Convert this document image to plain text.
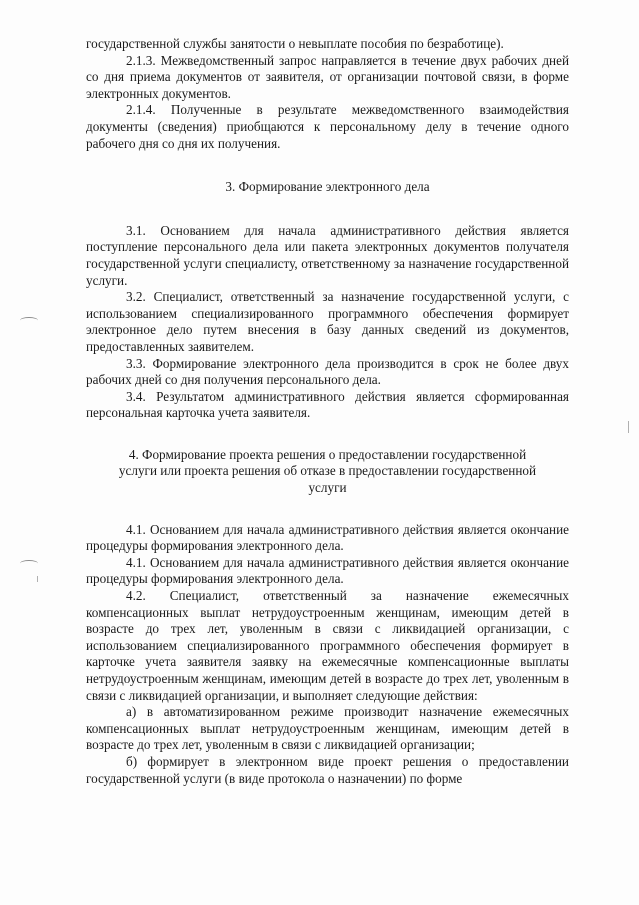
государственной службы занятости о невыплате пособия по безработице).

2.1.3. Межведомственный запрос направляется в течение двух рабочих дней со дня приема документов от заявителя, от организации почтовой связи, в форме электронных документов.

2.1.4. Полученные в результате межведомственного взаимодействия документы (сведения) приобщаются к персональному делу в течение одного рабочего дня со дня их получения.

3. Формирование электронного дела

3.1. Основанием для начала административного действия является поступление персонального дела или пакета электронных документов получателя государственной услуги специалисту, ответственному за назначение государственной услуги.

3.2. Специалист, ответственный за назначение государственной услуги, с использованием специализированного программного обеспечения формирует электронное дело путем внесения в базу данных сведений из документов, предоставленных заявителем.

3.3. Формирование электронного дела производится в срок не более двух рабочих дней со дня получения персонального дела.

3.4. Результатом административного действия является сформированная персональная карточка учета заявителя.

4. Формирование проекта решения о предоставлении государственной

услуги или проекта решения об отказе в предоставлении государственной

услуги

4.1. Основанием для начала административного действия является окончание процедуры формирования электронного дела.

4.1. Основанием для начала административного действия является окончание процедуры формирования электронного дела.

4.2. Специалист, ответственный за назначение ежемесячных компенсационных выплат нетрудоустроенным женщинам, имеющим детей в возрасте до трех лет, уволенным в связи с ликвидацией организации, с использованием специализированного программного обеспечения формирует в карточке учета заявителя заявку на ежемесячные компенсационные выплаты нетрудоустроенным женщинам, имеющим детей в возрасте до трех лет, уволенным в связи с ликвидацией организации, и выполняет следующие действия:

а) в автоматизированном режиме производит назначение ежемесячных компенсационных выплат нетрудоустроенным женщинам, имеющим детей в возрасте до трех лет, уволенным в связи с ликвидацией организации;

б) формирует в электронном виде проект решения о предоставлении государственной услуги (в виде протокола о назначении) по форме
